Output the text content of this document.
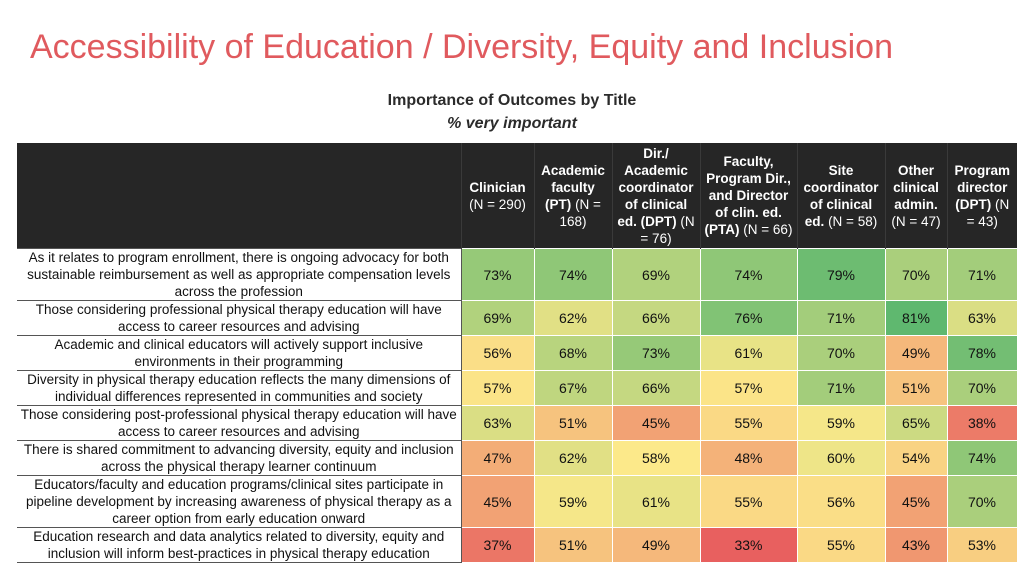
Accessibility of Education / Diversity, Equity and Inclusion
Importance of Outcomes by Title
% very important
	Clinician (N = 290)	Academic faculty (PT) (N = 168)	Dir./ Academic coordinator of clinical ed. (DPT) (N = 76)	Faculty, Program Dir., and Director of clin. ed. (PTA) (N = 66)	Site coordinator of clinical ed. (N = 58)	Other clinical admin. (N = 47)	Program director (DPT) (N = 43)
As it relates to program enrollment, there is ongoing advocacy for both sustainable reimbursement as well as appropriate compensation levels across the profession	73%	74%	69%	74%	79%	70%	71%
Those considering professional physical therapy education will have access to career resources and advising	69%	62%	66%	76%	71%	81%	63%
Academic and clinical educators will actively support inclusive environments in their programming	56%	68%	73%	61%	70%	49%	78%
Diversity in physical therapy education reflects the many dimensions of individual differences represented in communities and society	57%	67%	66%	57%	71%	51%	70%
Those considering post-professional physical therapy education will have access to career resources and advising	63%	51%	45%	55%	59%	65%	38%
There is shared commitment to advancing diversity, equity and inclusion across the physical therapy learner continuum	47%	62%	58%	48%	60%	54%	74%
Educators/faculty and education programs/clinical sites participate in pipeline development by increasing awareness of physical therapy as a career option from early education onward	45%	59%	61%	55%	56%	45%	70%
Education research and data analytics related to diversity, equity and inclusion will inform best-practices in physical therapy education	37%	51%	49%	33%	55%	43%	53%
